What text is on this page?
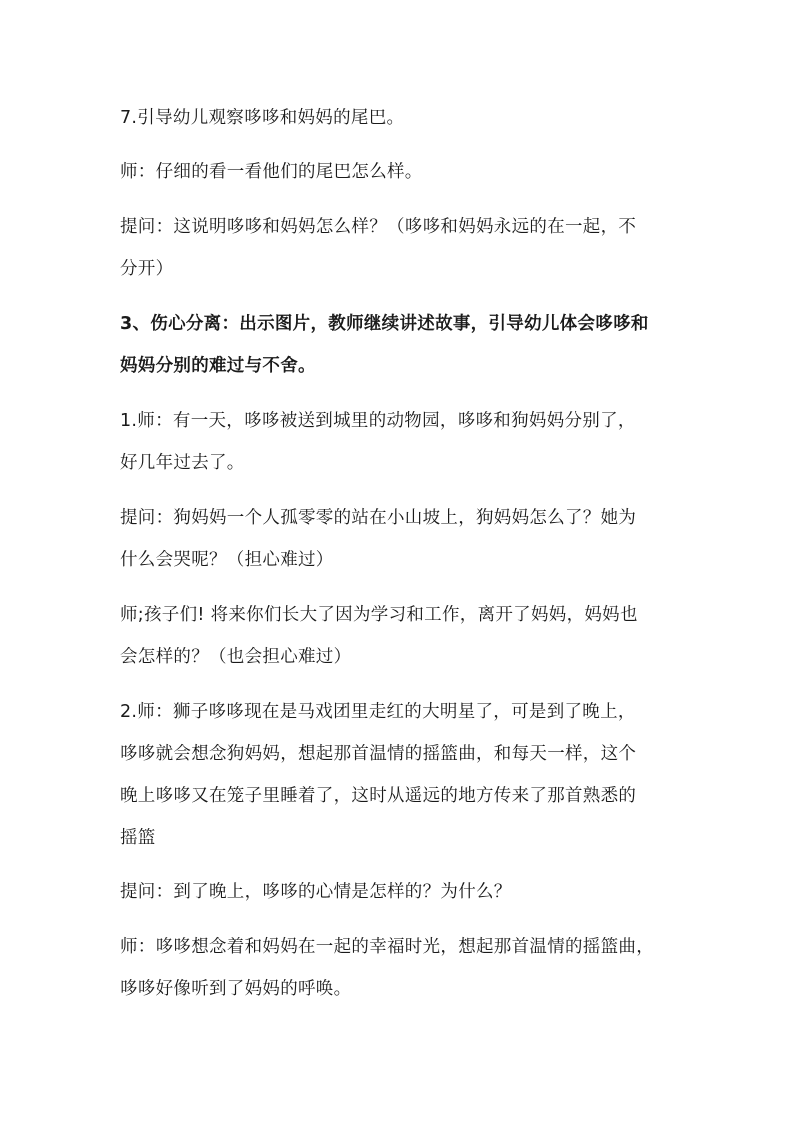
7.引导幼儿观察哆哆和妈妈的尾巴。
师：仔细的看一看他们的尾巴怎么样。
提问：这说明哆哆和妈妈怎么样？（哆哆和妈妈永远的在一起，不
分开）
3、伤心分离：出示图片，教师继续讲述故事，引导幼儿体会哆哆和
妈妈分别的难过与不舍。
1.师：有一天，哆哆被送到城里的动物园，哆哆和狗妈妈分别了，
好几年过去了。
提问：狗妈妈一个人孤零零的站在小山坡上，狗妈妈怎么了？她为
什么会哭呢？（担心难过）
师;孩子们! 将来你们长大了因为学习和工作，离开了妈妈，妈妈也
会怎样的？（也会担心难过）
2.师：狮子哆哆现在是马戏团里走红的大明星了，可是到了晚上，
哆哆就会想念狗妈妈，想起那首温情的摇篮曲，和每天一样，这个
晚上哆哆又在笼子里睡着了，这时从遥远的地方传来了那首熟悉的
摇篮
提问：到了晚上，哆哆的心情是怎样的？为什么？
师：哆哆想念着和妈妈在一起的幸福时光，想起那首温情的摇篮曲，
哆哆好像听到了妈妈的呼唤。
